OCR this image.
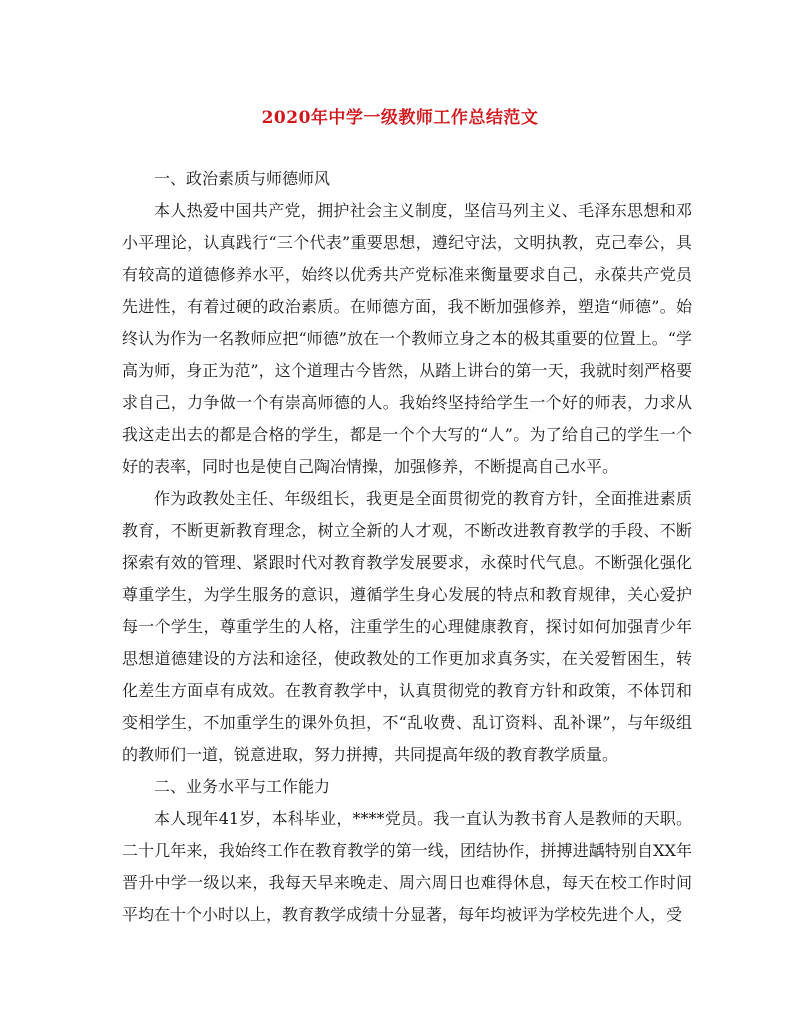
2020年中学一级教师工作总结范文

一、政治素质与师德师风

本人热爱中国共产党，拥护社会主义制度，坚信马列主义、毛泽东思想和邓小平理论，认真践行“三个代表”重要思想，遵纪守法，文明执教，克己奉公，具有较高的道德修养水平，始终以优秀共产党标准来衡量要求自己，永葆共产党员先进性，有着过硬的政治素质。在师德方面，我不断加强修养，塑造“师德”。始终认为作为一名教师应把“师德”放在一个教师立身之本的极其重要的位置上。“学高为师，身正为范”，这个道理古今皆然，从踏上讲台的第一天，我就时刻严格要求自己，力争做一个有崇高师德的人。我始终坚持给学生一个好的师表，力求从我这走出去的都是合格的学生，都是一个个大写的“人”。为了给自己的学生一个好的表率，同时也是使自己陶冶情操，加强修养，不断提高自己水平。

作为政教处主任、年级组长，我更是全面贯彻党的教育方针，全面推进素质教育，不断更新教育理念，树立全新的人才观，不断改进教育教学的手段、不断探索有效的管理、紧跟时代对教育教学发展要求，永葆时代气息。不断强化强化尊重学生，为学生服务的意识，遵循学生身心发展的特点和教育规律，关心爱护每一个学生，尊重学生的人格，注重学生的心理健康教育，探讨如何加强青少年思想道德建设的方法和途径，使政教处的工作更加求真务实，在关爱暂困生，转化差生方面卓有成效。在教育教学中，认真贯彻党的教育方针和政策，不体罚和变相学生，不加重学生的课外负担，不“乱收费、乱订资料、乱补课”，与年级组的教师们一道，锐意进取，努力拼搏，共同提高年级的教育教学质量。

二、业务水平与工作能力

本人现年41岁，本科毕业，****党员。我一直认为教书育人是教师的天职。二十几年来，我始终工作在教育教学的第一线，团结协作，拼搏进龋特别自XX年晋升中学一级以来，我每天早来晚走、周六周日也难得休息，每天在校工作时间平均在十个小时以上，教育教学成绩十分显著，每年均被评为学校先进个人，受
